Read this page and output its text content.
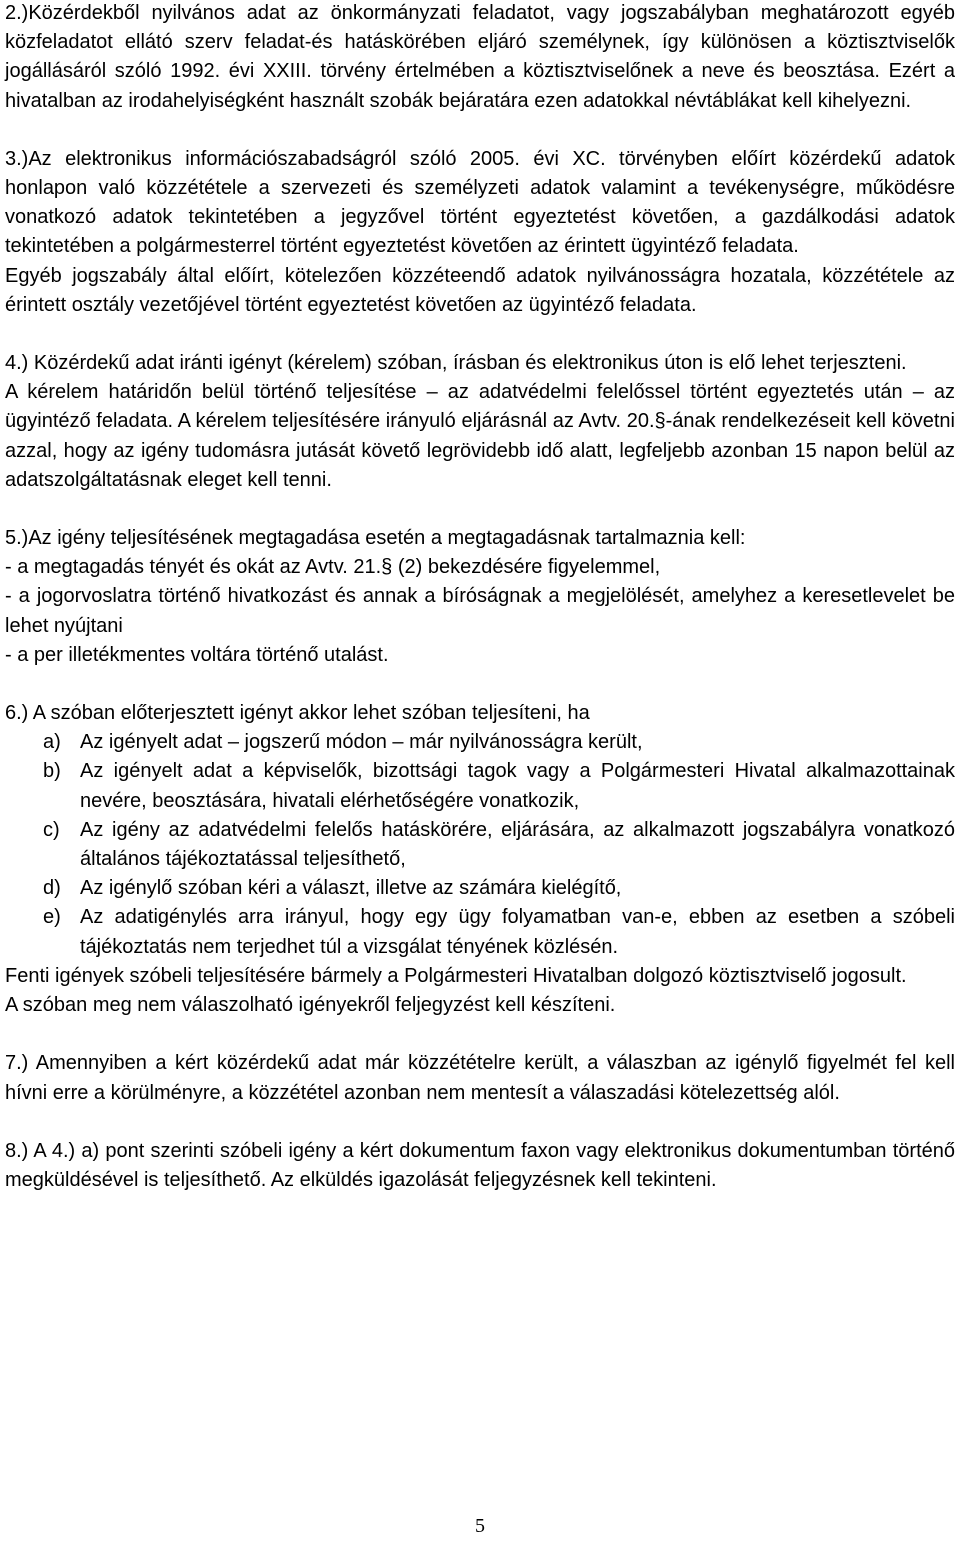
2.)Közérdekből nyilvános adat az önkormányzati feladatot, vagy jogszabályban meghatározott egyéb közfeladatot ellátó szerv feladat-és hatáskörében eljáró személynek, így különösen a köztisztviselők jogállásáról szóló 1992. évi XXIII. törvény értelmében a köztisztviselőnek a neve és beosztása. Ezért a hivatalban az irodahelyiségként használt szobák bejáratára ezen adatokkal névtáblákat kell kihelyezni.

3.)Az elektronikus információszabadságról szóló 2005. évi XC. törvényben előírt közérdekű adatok honlapon való közzététele a szervezeti és személyzeti adatok valamint a tevékenységre, működésre vonatkozó adatok tekintetében a jegyzővel történt egyeztetést követően, a gazdálkodási adatok tekintetében a polgármesterrel történt egyeztetést követően az érintett ügyintéző feladata.

Egyéb jogszabály által előírt, kötelezően közzéteendő adatok nyilvánosságra hozatala, közzététele az érintett osztály vezetőjével történt egyeztetést követően az ügyintéző feladata.

4.) Közérdekű adat iránti igényt (kérelem) szóban, írásban és elektronikus úton is elő lehet terjeszteni.

A kérelem határidőn belül történő teljesítése – az adatvédelmi felelőssel történt egyeztetés után – az ügyintéző feladata. A kérelem teljesítésére irányuló eljárásnál az Avtv. 20.§-ának rendelkezéseit kell követni azzal, hogy az igény tudomásra jutását követő legrövidebb idő alatt, legfeljebb azonban 15 napon belül az adatszolgáltatásnak eleget kell tenni.

5.)Az igény teljesítésének megtagadása esetén a megtagadásnak tartalmaznia kell:

- a megtagadás tényét és okát az Avtv. 21.§ (2) bekezdésére figyelemmel,

- a jogorvoslatra történő hivatkozást és annak a bíróságnak a megjelölését, amelyhez a keresetlevelet be lehet nyújtani

- a per illetékmentes voltára történő utalást.

6.) A szóban előterjesztett igényt akkor lehet szóban teljesíteni, ha

a) Az igényelt adat – jogszerű módon – már nyilvánosságra került,
b) Az igényelt adat a képviselők, bizottsági tagok vagy a Polgármesteri Hivatal alkalmazottainak nevére, beosztására, hivatali elérhetőségére vonatkozik,
c)	Az igény az adatvédelmi felelős hatáskörére, eljárására, az alkalmazott jogszabályra vonatkozó általános tájékoztatással teljesíthető,
d) Az igénylő szóban kéri a választ, illetve az számára kielégítő,
e) Az adatigénylés arra irányul, hogy egy ügy folyamatban van-e, ebben az esetben a szóbeli tájékoztatás nem terjedhet túl a vizsgálat tényének közlésén.

Fenti igények szóbeli teljesítésére bármely a Polgármesteri Hivatalban dolgozó köztisztviselő jogosult.

A szóban meg nem válaszolható igényekről feljegyzést kell készíteni.

7.) Amennyiben a kért közérdekű adat már közzétételre került, a válaszban az igénylő figyelmét fel kell hívni erre a körülményre, a közzététel azonban nem mentesít a válaszadási kötelezettség alól.

8.) A 4.) a) pont szerinti szóbeli igény a kért dokumentum faxon vagy elektronikus dokumentumban történő megküldésével is teljesíthető. Az elküldés igazolását feljegyzésnek kell tekinteni.

5
